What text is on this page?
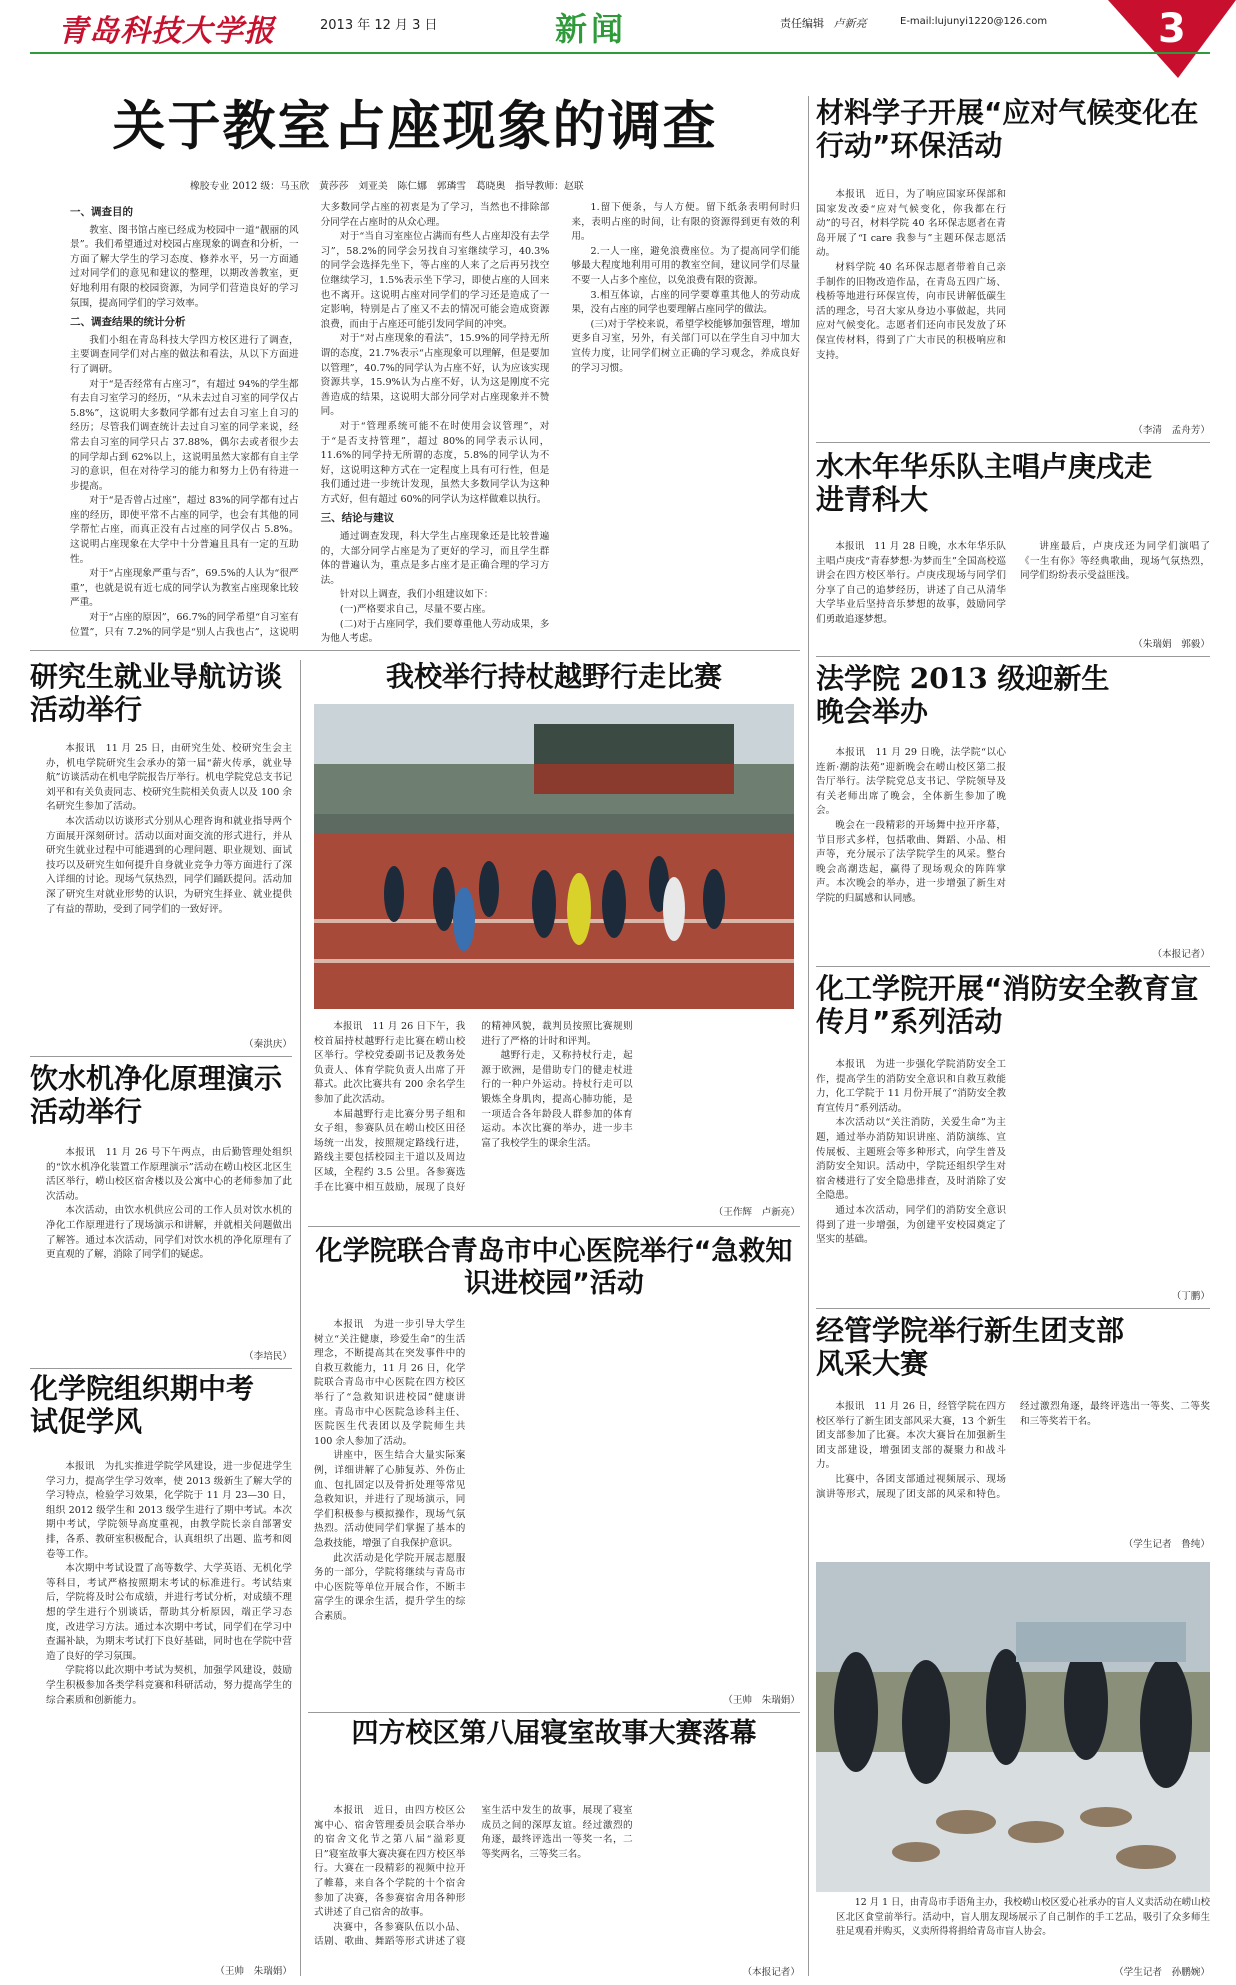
青岛科技大学报	2013 年 12 月 3 日	新闻	责任编辑 卢新亮	E-mail:lujunyi1220@126.com	3
关于教室占座现象的调查
橡胶专业 2012 级：马玉欣　黄莎莎　刘亚美　陈仁娜　郭璘雪　葛晓奥　指导教师：赵联
一、调查目的

教室、图书馆占座已经成为校园中一道“靓丽的风景”。我们希望通过对校园占座现象的调查和分析，一方面了解大学生的学习态度、修养水平，另一方面通过对同学们的意见和建议的整理，以期改善教室，更好地利用有限的校园资源，为同学们营造良好的学习氛围，提高同学们的学习效率。

二、调查结果的统计分析

我们小组在青岛科技大学四方校区进行了调查，主要调查同学们对占座的做法和看法，从以下方面进行了调研。

对于“是否经常有占座习”，有超过 94%的学生都有去自习室学习的经历，“从未去过自习室的同学仅占 5.8%”，这说明大多数同学都有过去自习室上自习的经历；尽管我们调查统计去过自习室的同学来说，经常去自习室的同学只占 37.88%，偶尔去或者很少去的同学却占到 62%以上，这说明虽然大家都有自主学习的意识，但在对待学习的能力和努力上仍有待进一步提高。

对于“是否曾占过座”，超过 83%的同学都有过占座的经历，即使平常不占座的同学，也会有其他的同学帮忙占座，而真正没有占过座的同学仅占 5.8%。这说明占座现象在大学中十分普遍且具有一定的互助性。

对于“占座现象严重与否”，69.5%的人认为“很严重”，也就是说有近七成的同学认为教室占座现象比较严重。

对于“占座的原因”，66.7%的同学希望“自习室有位置”，只有 7.2%的同学是“别人占我也占”，这说明大多数同学占座的初衷是为了学习，当然也不排除部分同学在占座时的从众心理。

对于“当自习室座位占满而有些人占座却没有去学习”，58.2%的同学会另找自习室继续学习，40.3%的同学会选择先坐下，等占座的人来了之后再另找空位继续学习，1.5%表示坐下学习，即使占座的人回来也不离开。这说明占座对同学们的学习还是造成了一定影响，特别是占了座又不去的情况可能会造成资源浪费，而由于占座还可能引发同学间的冲突。

对于“对占座现象的看法”，15.9%的同学持无所谓的态度，21.7%表示“占座现象可以理解，但是要加以管理”，40.7%的同学认为占座不好，认为应该实现资源共享，15.9%认为占座不好，认为这是刚度不完善造成的结果，这说明大部分同学对占座现象并不赞同。

对于“管理系统可能不在时使用会议管理”，对于“是否支持管理”，超过 80%的同学表示认同，11.6%的同学持无所谓的态度，5.8%的同学认为不好，这说明这种方式在一定程度上具有可行性，但是我们通过进一步统计发现，虽然大多数同学认为这种方式好，但有超过 60%的同学认为这样做难以执行。

三、结论与建议

通过调查发现，科大学生占座现象还是比较普遍的，大部分同学占座是为了更好的学习，而且学生群体的普遍认为，重点是多占座才是正确合理的学习方法。

针对以上调查，我们小组建议如下：

(一)严格要求自己，尽量不要占座。

(二)对于占座同学，我们要尊重他人劳动成果，多为他人考虑。

1.留下便条，与人方便。留下纸条表明何时归来，表明占座的时间，让有限的资源得到更有效的利用。

2.一人一座，避免浪费座位。为了提高同学们能够最大程度地利用可用的教室空间，建议同学们尽量不要一人占多个座位，以免浪费有限的资源。

3.相互体谅，占座的同学要尊重其他人的劳动成果，没有占座的同学也要理解占座同学的做法。

(三)对于学校来说，希望学校能够加强管理，增加更多自习室，另外，有关部门可以在学生自习中加大宣传力度，让同学们树立正确的学习观念，养成良好的学习习惯。

研究生就业导航访谈活动举行

本报讯　11 月 25 日，由研究生处、校研究生会主办，机电学院研究生会承办的第一届“薪火传承，就业导航”访谈活动在机电学院报告厅举行。机电学院党总支书记刘平和有关负责同志、校研究生院相关负责人以及 100 余名研究生参加了活动。

本次活动以访谈形式分别从心理咨询和就业指导两个方面展开深刻研讨。活动以面对面交流的形式进行，并从研究生就业过程中可能遇到的心理问题、职业规划、面试技巧以及研究生如何提升自身就业竞争力等方面进行了深入详细的讨论。现场气氛热烈，同学们踊跃提问。活动加深了研究生对就业形势的认识，为研究生择业、就业提供了有益的帮助，受到了同学们的一致好评。

（秦洪庆）
饮水机净化原理演示活动举行

本报讯　11 月 26 号下午两点，由后勤管理处组织的“饮水机净化装置工作原理演示”活动在崂山校区北区生活区举行，崂山校区宿舍楼以及公寓中心的老师参加了此次活动。

本次活动，由饮水机供应公司的工作人员对饮水机的净化工作原理进行了现场演示和讲解，并就相关问题做出了解答。通过本次活动，同学们对饮水机的净化原理有了更直观的了解，消除了同学们的疑虑。

（李培民）
化学院组织期中考试促学风

本报讯　为扎实推进学院学风建设，进一步促进学生学习力，提高学生学习效率，使 2013 级新生了解大学的学习特点，检验学习效果，化学院于 11 月 23—30 日，组织 2012 级学生和 2013 级学生进行了期中考试。本次期中考试，学院领导高度重视，由教学院长亲自部署安排，各系、教研室积极配合，认真组织了出题、监考和阅卷等工作。

本次期中考试设置了高等数学、大学英语、无机化学等科目，考试严格按照期末考试的标准进行。考试结束后，学院将及时公布成绩，并进行考试分析，对成绩不理想的学生进行个别谈话，帮助其分析原因，端正学习态度，改进学习方法。通过本次期中考试，同学们在学习中查漏补缺，为期末考试打下良好基础，同时也在学院中营造了良好的学习氛围。

学院将以此次期中考试为契机，加强学风建设，鼓励学生积极参加各类学科竞赛和科研活动，努力提高学生的综合素质和创新能力。

（王帅　朱瑞娟）
我校举行持杖越野行走比赛

本报讯　11 月 26 日下午，我校首届持杖越野行走比赛在崂山校区举行。学校党委副书记及教务处负责人、体育学院负责人出席了开幕式。此次比赛共有 200 余名学生参加了此次活动。

本届越野行走比赛分男子组和女子组，参赛队员在崂山校区田径场统一出发，按照规定路线行进，路线主要包括校园主干道以及周边区域，全程约 3.5 公里。各参赛选手在比赛中相互鼓励，展现了良好的精神风貌，裁判员按照比赛规则进行了严格的计时和评判。

越野行走，又称持杖行走，起源于欧洲，是借助专门的健走杖进行的一种户外运动。持杖行走可以锻炼全身肌肉，提高心肺功能，是一项适合各年龄段人群参加的体育运动。本次比赛的举办，进一步丰富了我校学生的课余生活。

（王作辉　卢新亮）
化学院联合青岛市中心医院举行“急救知识进校园”活动

本报讯　为进一步引导大学生树立“关注健康，珍爱生命”的生活理念，不断提高其在突发事件中的自救互救能力，11 月 26 日，化学院联合青岛市中心医院在四方校区举行了“急救知识进校园”健康讲座。青岛市中心医院急诊科主任、医院医生代表团以及学院师生共 100 余人参加了活动。

讲座中，医生结合大量实际案例，详细讲解了心肺复苏、外伤止血、包扎固定以及骨折处理等常见急救知识，并进行了现场演示，同学们积极参与模拟操作，现场气氛热烈。活动使同学们掌握了基本的急救技能，增强了自我保护意识。

此次活动是化学院开展志愿服务的一部分，学院将继续与青岛市中心医院等单位开展合作，不断丰富学生的课余生活，提升学生的综合素质。

（王帅　朱瑞娟）
四方校区第八届寝室故事大赛落幕

本报讯　近日，由四方校区公寓中心、宿舍管理委员会联合举办的宿舍文化节之第八届“溢彩夏日”寝室故事大赛决赛在四方校区举行。大赛在一段精彩的视频中拉开了帷幕，来自各个学院的十个宿舍参加了决赛，各参赛宿舍用各种形式讲述了自己宿舍的故事。

决赛中，各参赛队伍以小品、话剧、歌曲、舞蹈等形式讲述了寝室生活中发生的故事，展现了寝室成员之间的深厚友谊。经过激烈的角逐，最终评选出一等奖一名，二等奖两名，三等奖三名。

（本报记者）
材料学子开展“应对气候变化在行动”环保活动

本报讯　近日，为了响应国家环保部和国家发改委“应对气候变化，你我都在行动”的号召，材料学院 40 名环保志愿者在青岛开展了“I care 我参与”主题环保志愿活动。

材料学院 40 名环保志愿者带着自己亲手制作的旧物改造作品，在青岛五四广场、栈桥等地进行环保宣传，向市民讲解低碳生活的理念，号召大家从身边小事做起，共同应对气候变化。志愿者们还向市民发放了环保宣传材料，得到了广大市民的积极响应和支持。

（李清　孟舟芳）
水木年华乐队主唱卢庚戌走进青科大

本报讯　11 月 28 日晚，水木年华乐队主唱卢庚戌“青春梦想·为梦而生”全国高校巡讲会在四方校区举行。卢庚戌现场与同学们分享了自己的追梦经历，讲述了自己从清华大学毕业后坚持音乐梦想的故事，鼓励同学们勇敢追逐梦想。

讲座最后，卢庚戌还为同学们演唱了《一生有你》等经典歌曲，现场气氛热烈，同学们纷纷表示受益匪浅。

（朱瑞娟　郭毅）
法学院 2013 级迎新生晚会举办

本报讯　11 月 29 日晚，法学院“以心连新·潮韵法苑”迎新晚会在崂山校区第二报告厅举行。法学院党总支书记、学院领导及有关老师出席了晚会，全体新生参加了晚会。

晚会在一段精彩的开场舞中拉开序幕，节目形式多样，包括歌曲、舞蹈、小品、相声等，充分展示了法学院学生的风采。整台晚会高潮迭起，赢得了现场观众的阵阵掌声。本次晚会的举办，进一步增强了新生对学院的归属感和认同感。

（本报记者）
化工学院开展“消防安全教育宣传月”系列活动

本报讯　为进一步强化学院消防安全工作，提高学生的消防安全意识和自救互救能力，化工学院于 11 月份开展了“消防安全教育宣传月”系列活动。

本次活动以“关注消防，关爱生命”为主题，通过举办消防知识讲座、消防演练、宣传展板、主题班会等多种形式，向学生普及消防安全知识。活动中，学院还组织学生对宿舍楼进行了安全隐患排查，及时消除了安全隐患。

通过本次活动，同学们的消防安全意识得到了进一步增强，为创建平安校园奠定了坚实的基础。

（丁鹏）
经管学院举行新生团支部风采大赛

本报讯　11 月 26 日，经管学院在四方校区举行了新生团支部风采大赛，13 个新生团支部参加了比赛。本次大赛旨在加强新生团支部建设，增强团支部的凝聚力和战斗力。

比赛中，各团支部通过视频展示、现场演讲等形式，展现了团支部的风采和特色。经过激烈角逐，最终评选出一等奖、二等奖和三等奖若干名。

（学生记者　鲁纯）
12 月 1 日，由青岛市手语角主办，我校崂山校区爱心社承办的盲人义卖活动在崂山校区北区食堂前举行。活动中，盲人朋友现场展示了自己制作的手工艺品，吸引了众多师生驻足观看并购买，义卖所得将捐给青岛市盲人协会。
（学生记者　孙鹏婉）
